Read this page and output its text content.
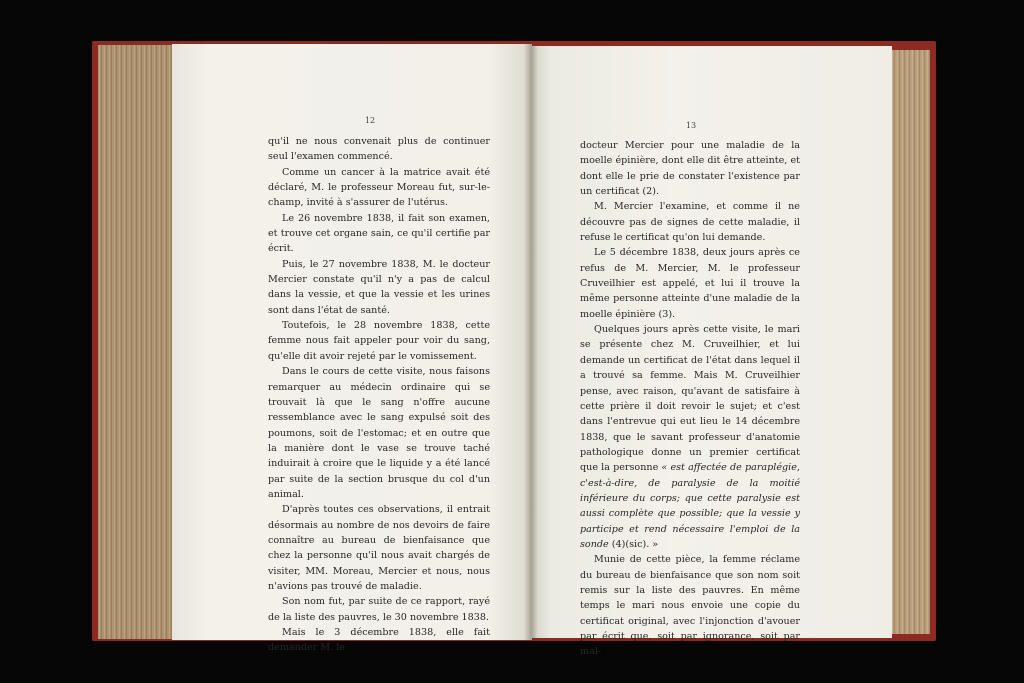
12
13

qu'il ne nous convenait plus de continuer seul l'examen commencé.

Comme un cancer à la matrice avait été déclaré, M. le professeur Moreau fut, sur-le-champ, invité à s'assurer de l'utérus.

Le 26 novembre 1838, il fait son examen, et trouve cet organe sain, ce qu'il certifie par écrit.

Puis, le 27 novembre 1838, M. le docteur Mercier constate qu'il n'y a pas de calcul dans la vessie, et que la vessie et les urines sont dans l'état de santé.

Toutefois, le 28 novembre 1838, cette femme nous fait appeler pour voir du sang, qu'elle dit avoir rejeté par le vomissement.

Dans le cours de cette visite, nous faisons remarquer au médecin ordinaire qui se trouvait là que le sang n'offre aucune ressemblance avec le sang expulsé soit des poumons, soit de l'estomac; et en outre que la manière dont le vase se trouve taché induirait à croire que le liquide y a été lancé par suite de la section brusque du col d'un animal.

D'après toutes ces observations, il entrait désormais au nombre de nos devoirs de faire connaître au bureau de bienfaisance que chez la personne qu'il nous avait chargés de visiter, MM. Moreau, Mercier et nous, nous n'avions pas trouvé de maladie.

Son nom fut, par suite de ce rapport, rayé de la liste des pauvres, le 30 novembre 1838.

Mais le 3 décembre 1838, elle fait demander M. le

docteur Mercier pour une maladie de la moelle épinière, dont elle dit être atteinte, et dont elle le prie de constater l'existence par un certificat (2).

M. Mercier l'examine, et comme il ne découvre pas de signes de cette maladie, il refuse le certificat qu'on lui demande.

Le 5 décembre 1838, deux jours après ce refus de M. Mercier, M. le professeur Cruveilhier est appelé, et lui il trouve la même personne atteinte d'une maladie de la moelle épinière (3).

Quelques jours après cette visite, le mari se présente chez M. Cruveilhier, et lui demande un certificat de l'état dans lequel il a trouvé sa femme. Mais M. Cruveilhier pense, avec raison, qu'avant de satisfaire à cette prière il doit revoir le sujet; et c'est dans l'entrevue qui eut lieu le 14 décembre 1838, que le savant professeur d'anatomie pathologique donne un premier certificat que la personne « est affectée de paraplégie, c'est-à-dire, de paralysie de la moitié inférieure du corps; que cette paralysie est aussi complète que possible; que la vessie y participe et rend nécessaire l'emploi de la sonde (4)(sic). »

Munie de cette pièce, la femme réclame du bureau de bienfaisance que son nom soit remis sur la liste des pauvres. En même temps le mari nous envoie une copie du certificat original, avec l'injonction d'avouer par écrit que, soit par ignorance, soit par mal-
